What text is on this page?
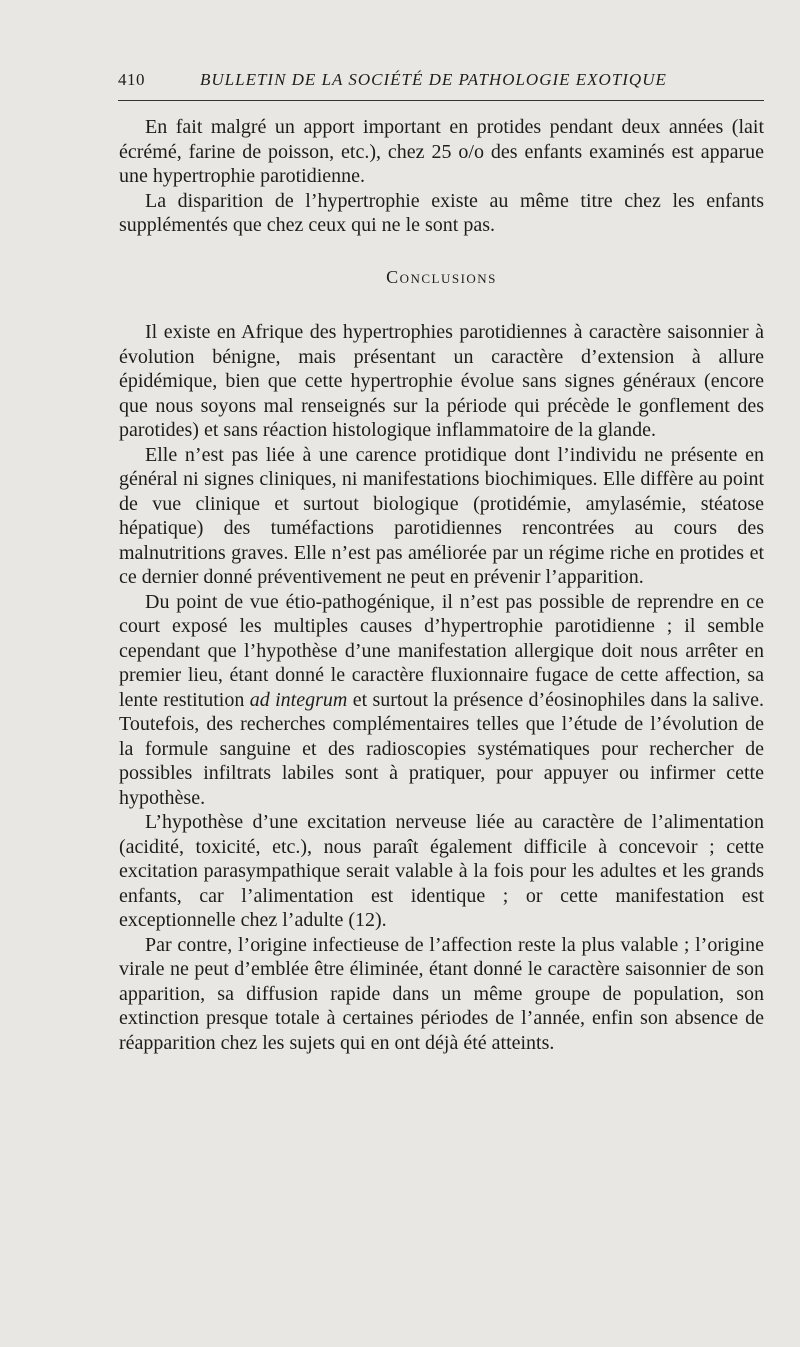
410	BULLETIN DE LA SOCIÉTÉ DE PATHOLOGIE EXOTIQUE

En fait malgré un apport important en protides pendant deux années (lait écrémé, farine de poisson, etc.), chez 25 o/o des enfants examinés est apparue une hypertrophie parotidienne.

La disparition de l’hypertrophie existe au même titre chez les enfants supplémentés que chez ceux qui ne le sont pas.

Conclusions

Il existe en Afrique des hypertrophies parotidiennes à caractère saisonnier à évolution bénigne, mais présentant un caractère d’extension à allure épidémique, bien que cette hypertrophie évolue sans signes généraux (encore que nous soyons mal renseignés sur la période qui précède le gonflement des parotides) et sans réaction histologique inflammatoire de la glande.

Elle n’est pas liée à une carence protidique dont l’individu ne présente en général ni signes cliniques, ni manifestations biochimiques. Elle diffère au point de vue clinique et surtout biologique (protidémie, amylasémie, stéatose hépatique) des tuméfactions parotidiennes rencontrées au cours des malnutritions graves. Elle n’est pas améliorée par un régime riche en protides et ce dernier donné préventivement ne peut en prévenir l’apparition.

Du point de vue étio-pathogénique, il n’est pas possible de reprendre en ce court exposé les multiples causes d’hypertrophie parotidienne ; il semble cependant que l’hypothèse d’une manifestation allergique doit nous arrêter en premier lieu, étant donné le caractère fluxionnaire fugace de cette affection, sa lente restitution ad integrum et surtout la présence d’éosinophiles dans la salive. Toutefois, des recherches complémentaires telles que l’étude de l’évolution de la formule sanguine et des radioscopies systématiques pour rechercher de possibles infiltrats labiles sont à pratiquer, pour appuyer ou infirmer cette hypothèse.

L’hypothèse d’une excitation nerveuse liée au caractère de l’alimentation (acidité, toxicité, etc.), nous paraît également difficile à concevoir ; cette excitation parasympathique serait valable à la fois pour les adultes et les grands enfants, car l’alimentation est identique ; or cette manifestation est exceptionnelle chez l’adulte (12).

Par contre, l’origine infectieuse de l’affection reste la plus valable ; l’origine virale ne peut d’emblée être éliminée, étant donné le caractère saisonnier de son apparition, sa diffusion rapide dans un même groupe de population, son extinction presque totale à certaines périodes de l’année, enfin son absence de réapparition chez les sujets qui en ont déjà été atteints.
